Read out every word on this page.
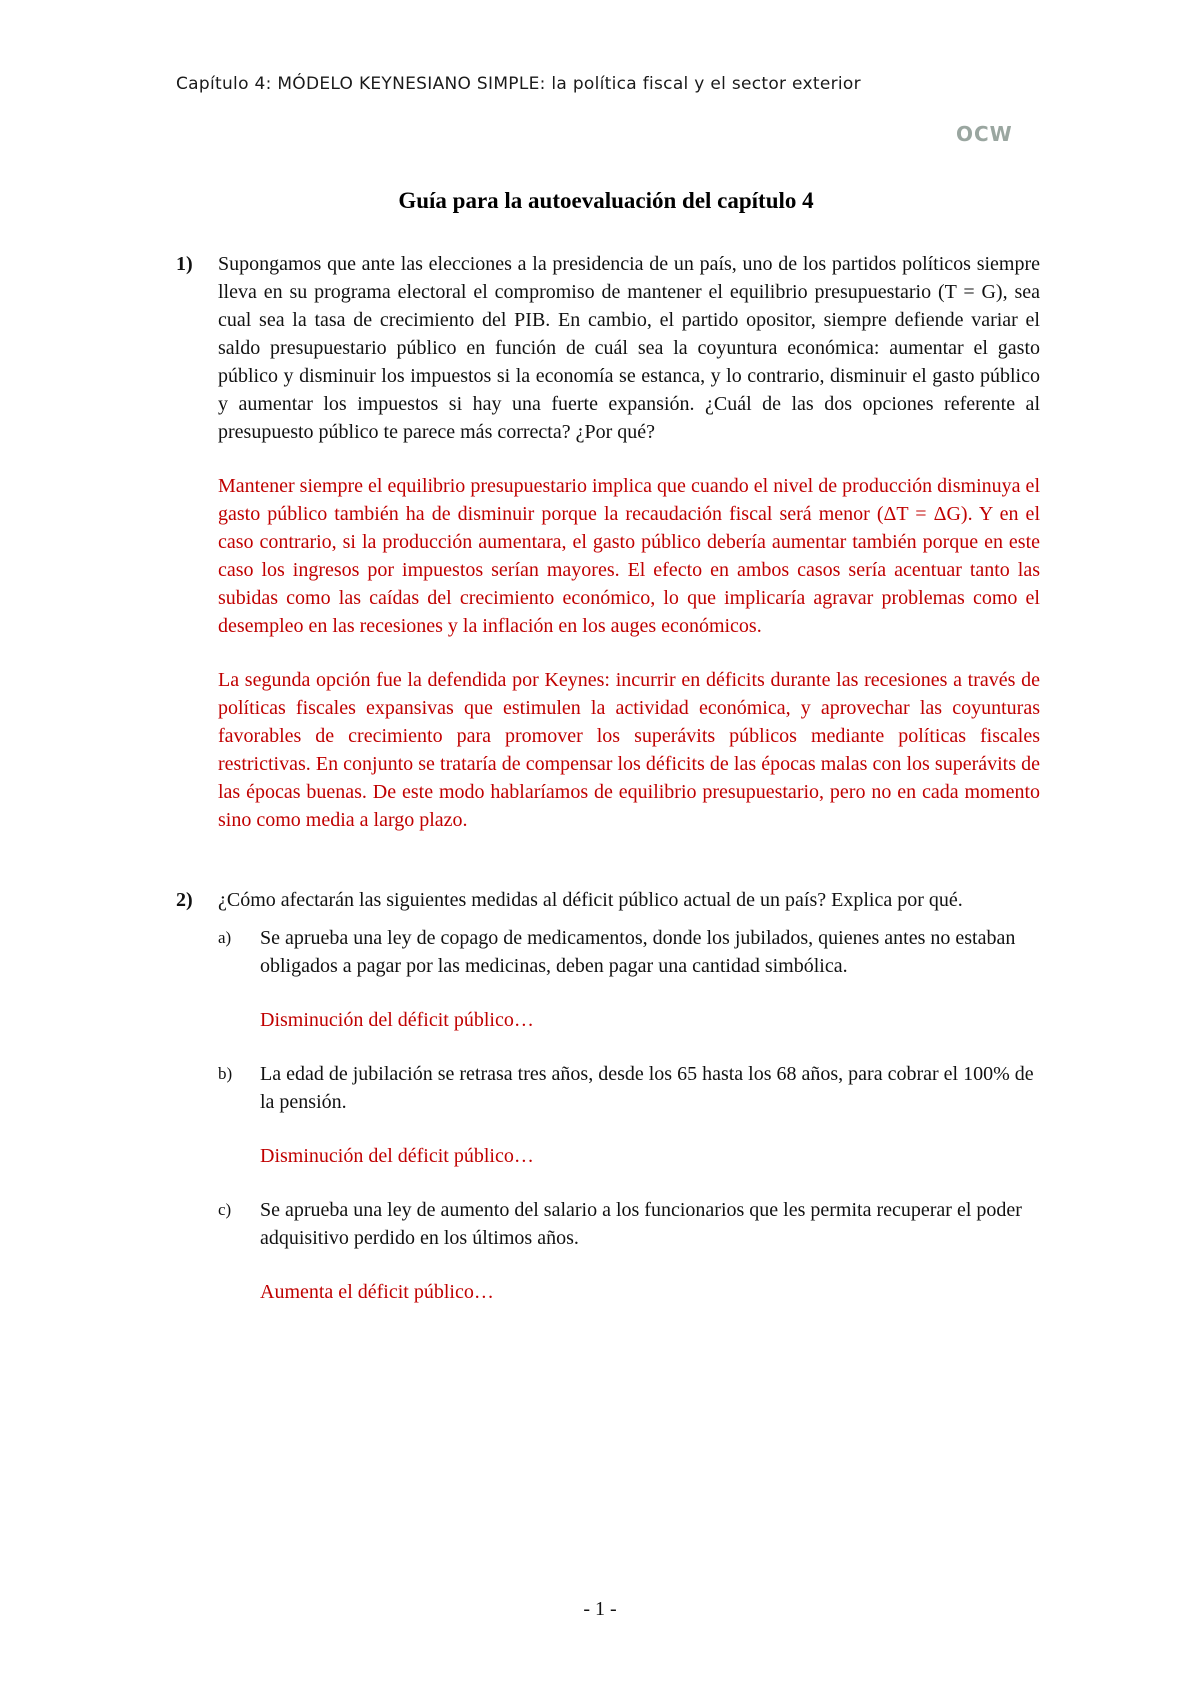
Capítulo 4: MÓDELO KEYNESIANO SIMPLE: la política fiscal y el sector exterior
OCW
Guía para la autoevaluación del capítulo 4
1) Supongamos que ante las elecciones a la presidencia de un país, uno de los partidos políticos siempre lleva en su programa electoral el compromiso de mantener el equilibrio presupuestario (T = G), sea cual sea la tasa de crecimiento del PIB. En cambio, el partido opositor, siempre defiende variar el saldo presupuestario público en función de cuál sea la coyuntura económica: aumentar el gasto público y disminuir los impuestos si la economía se estanca, y lo contrario, disminuir el gasto público y aumentar los impuestos si hay una fuerte expansión. ¿Cuál de las dos opciones referente al presupuesto público te parece más correcta? ¿Por qué?

Mantener siempre el equilibrio presupuestario implica que cuando el nivel de producción disminuya el gasto público también ha de disminuir porque la recaudación fiscal será menor (ΔT = ΔG). Y en el caso contrario, si la producción aumentara, el gasto público debería aumentar también porque en este caso los ingresos por impuestos serían mayores. El efecto en ambos casos sería acentuar tanto las subidas como las caídas del crecimiento económico, lo que implicaría agravar problemas como el desempleo en las recesiones y la inflación en los auges económicos.

La segunda opción fue la defendida por Keynes: incurrir en déficits durante las recesiones a través de políticas fiscales expansivas que estimulen la actividad económica, y aprovechar las coyunturas favorables de crecimiento para promover los superávits públicos mediante políticas fiscales restrictivas. En conjunto se trataría de compensar los déficits de las épocas malas con los superávits de las épocas buenas. De este modo hablaríamos de equilibrio presupuestario, pero no en cada momento sino como media a largo plazo.

2) ¿Cómo afectarán las siguientes medidas al déficit público actual de un país? Explica por qué.

a) Se aprueba una ley de copago de medicamentos, donde los jubilados, quienes antes no estaban obligados a pagar por las medicinas, deben pagar una cantidad simbólica.

Disminución del déficit público…

b) La edad de jubilación se retrasa tres años, desde los 65 hasta los 68 años, para cobrar el 100% de la pensión.

Disminución del déficit público…

c) Se aprueba una ley de aumento del salario a los funcionarios que les permita recuperar el poder adquisitivo perdido en los últimos años.

Aumenta el déficit público…

- 1 -
